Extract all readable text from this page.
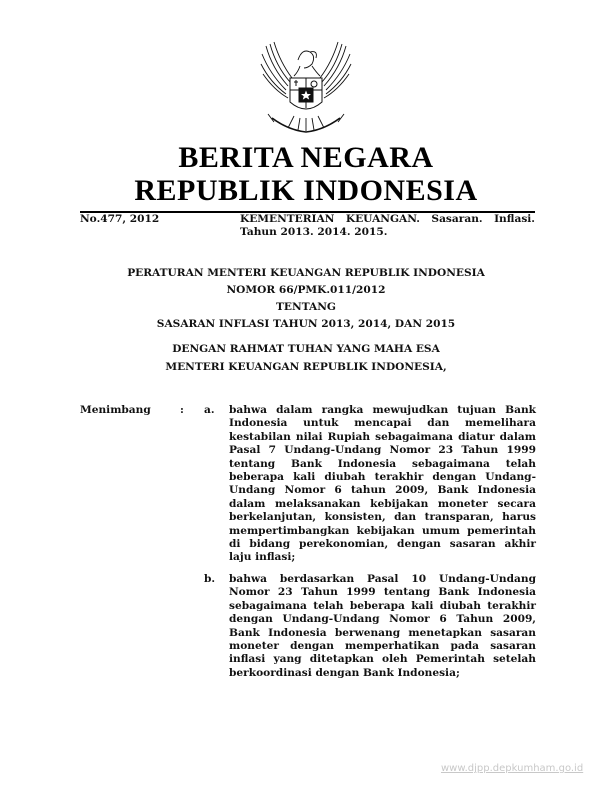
BERITA NEGARA
REPUBLIK INDONESIA
No.477, 2012	KEMENTERIAN KEUANGAN. Sasaran. Inflasi.
Tahun 2013. 2014. 2015.
PERATURAN MENTERI KEUANGAN REPUBLIK INDONESIA
NOMOR 66/PMK.011/2012
TENTANG
SASARAN INFLASI TAHUN 2013, 2014, DAN 2015
DENGAN RAHMAT TUHAN YANG MAHA ESA
MENTERI KEUANGAN REPUBLIK INDONESIA,
Menimbang	:	a.	bahwa dalam rangka mewujudkan tujuan Bank Indonesia untuk mencapai dan memelihara kestabilan nilai Rupiah sebagaimana diatur dalam Pasal 7 Undang-Undang Nomor 23 Tahun 1999 tentang Bank Indonesia sebagaimana telah beberapa kali diubah terakhir dengan Undang-Undang Nomor 6 tahun 2009, Bank Indonesia dalam melaksanakan kebijakan moneter secara berkelanjutan, konsisten, dan transparan, harus mempertimbangkan kebijakan umum pemerintah di bidang perekonomian, dengan sasaran akhir laju inflasi;
b.	bahwa berdasarkan Pasal 10 Undang-Undang Nomor 23 Tahun 1999 tentang Bank Indonesia sebagaimana telah beberapa kali diubah terakhir dengan Undang-Undang Nomor 6 Tahun 2009, Bank Indonesia berwenang menetapkan sasaran moneter dengan memperhatikan pada sasaran inflasi yang ditetapkan oleh Pemerintah setelah berkoordinasi dengan Bank Indonesia;
www.djpp.depkumham.go.id
